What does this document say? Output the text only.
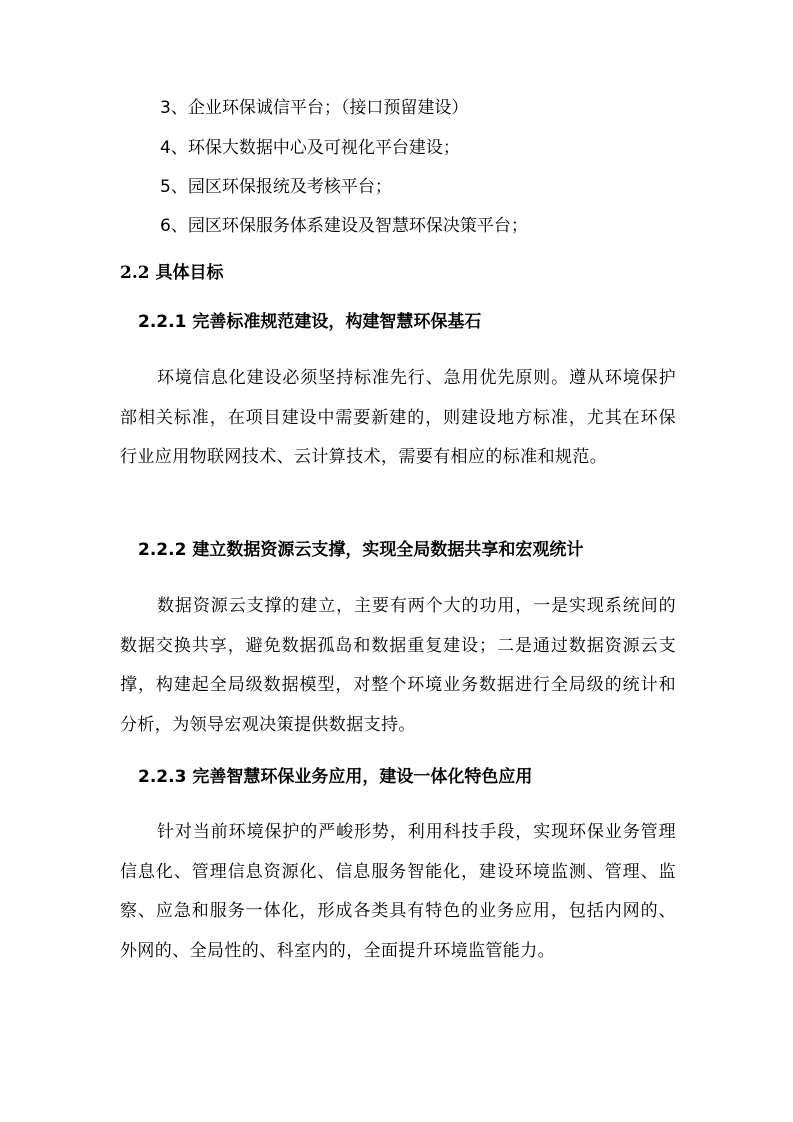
3、企业环保诚信平台；（接口预留建设）
4、环保大数据中心及可视化平台建设；
5、园区环保报统及考核平台；
6、园区环保服务体系建设及智慧环保决策平台；
2.2 具体目标
2.2.1 完善标准规范建设，构建智慧环保基石
环境信息化建设必须坚持标准先行、急用优先原则。遵从环境保护部相关标准，在项目建设中需要新建的，则建设地方标准，尤其在环保行业应用物联网技术、云计算技术，需要有相应的标准和规范。
2.2.2 建立数据资源云支撑，实现全局数据共享和宏观统计
数据资源云支撑的建立，主要有两个大的功用，一是实现系统间的数据交换共享，避免数据孤岛和数据重复建设；二是通过数据资源云支撑，构建起全局级数据模型，对整个环境业务数据进行全局级的统计和分析，为领导宏观决策提供数据支持。
2.2.3 完善智慧环保业务应用，建设一体化特色应用
针对当前环境保护的严峻形势，利用科技手段，实现环保业务管理信息化、管理信息资源化、信息服务智能化，建设环境监测、管理、监察、应急和服务一体化，形成各类具有特色的业务应用，包括内网的、外网的、全局性的、科室内的，全面提升环境监管能力。
